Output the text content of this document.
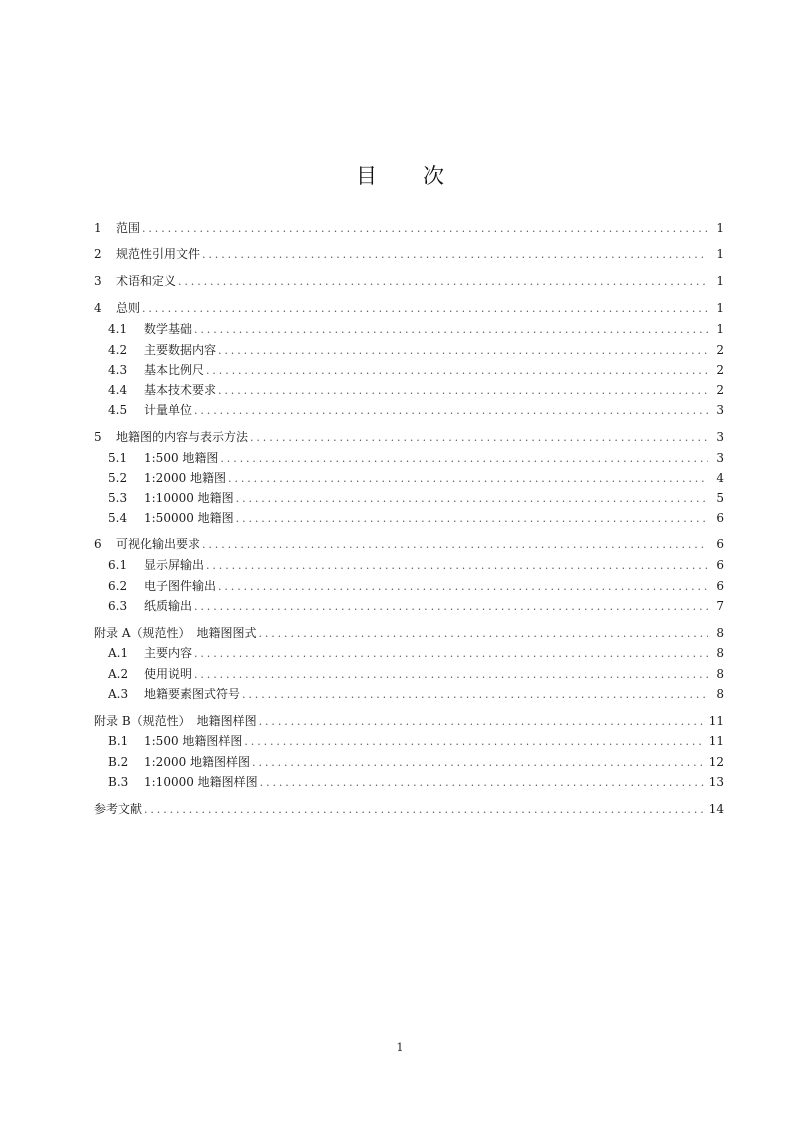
目 次
1	范围 . . .	1
2	规范性引用文件 . . .	1
3	术语和定义 . . .	1
4	总则 . . .	1
4.1	数学基础 . . .	1
4.2	主要数据内容 . . .	2
4.3	基本比例尺 . . .	2
4.4	基本技术要求 . . .	2
4.5	计量单位 . . .	3
5	地籍图的内容与表示方法 . . .	3
5.1	1:500 地籍图 . . .	3
5.2	1:2000 地籍图 . . .	4
5.3	1:10000 地籍图 . . .	5
5.4	1:50000 地籍图 . . .	6
6	可视化输出要求 . . .	6
6.1	显示屏输出 . . .	6
6.2	电子图件输出 . . .	6
6.3	纸质输出 . . .	7
附录 A（规范性）　地籍图图式 . . .	8
A.1	主要内容 . . .	8
A.2	使用说明 . . .	8
A.3	地籍要素图式符号 . . .	8
附录 B（规范性）　地籍图样图 . . .	11
B.1	1:500 地籍图样图 . . .	11
B.2	1:2000 地籍图样图 . . .	12
B.3	1:10000 地籍图样图 . . .	13
参考文献 . . .	14
1
